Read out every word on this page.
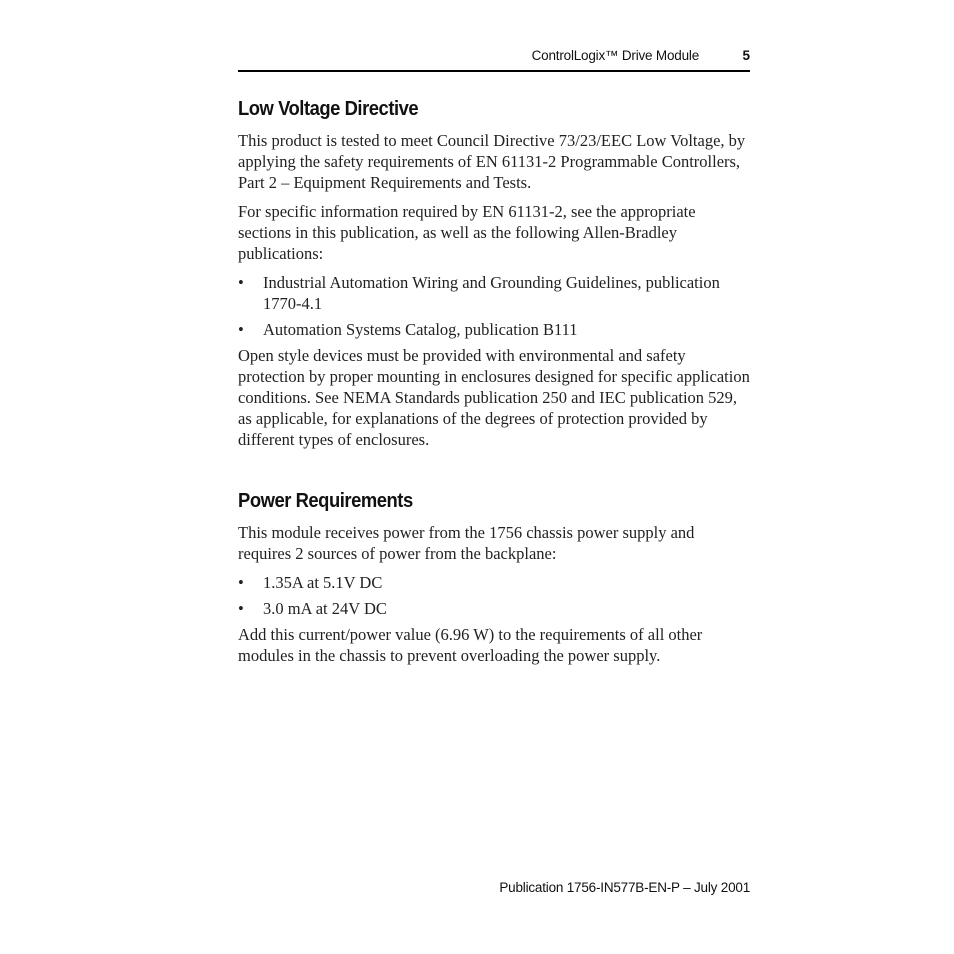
ControlLogix™ Drive Module	5
Low Voltage Directive

This product is tested to meet Council Directive 73/23/EEC Low Voltage, by applying the safety requirements of EN 61131-2 Programmable Controllers, Part 2 – Equipment Requirements and Tests.

For specific information required by EN 61131-2, see the appropriate sections in this publication, as well as the following Allen-Bradley publications:

• Industrial Automation Wiring and Grounding Guidelines, publication 1770-4.1
• Automation Systems Catalog, publication B111

Open style devices must be provided with environmental and safety protection by proper mounting in enclosures designed for specific application conditions. See NEMA Standards publication 250 and IEC publication 529, as applicable, for explanations of the degrees of protection provided by different types of enclosures.

Power Requirements

This module receives power from the 1756 chassis power supply and requires 2 sources of power from the backplane:

• 1.35A at 5.1V DC
• 3.0 mA at 24V DC

Add this current/power value (6.96 W) to the requirements of all other modules in the chassis to prevent overloading the power supply.

Publication 1756-IN577B-EN-P – July 2001
